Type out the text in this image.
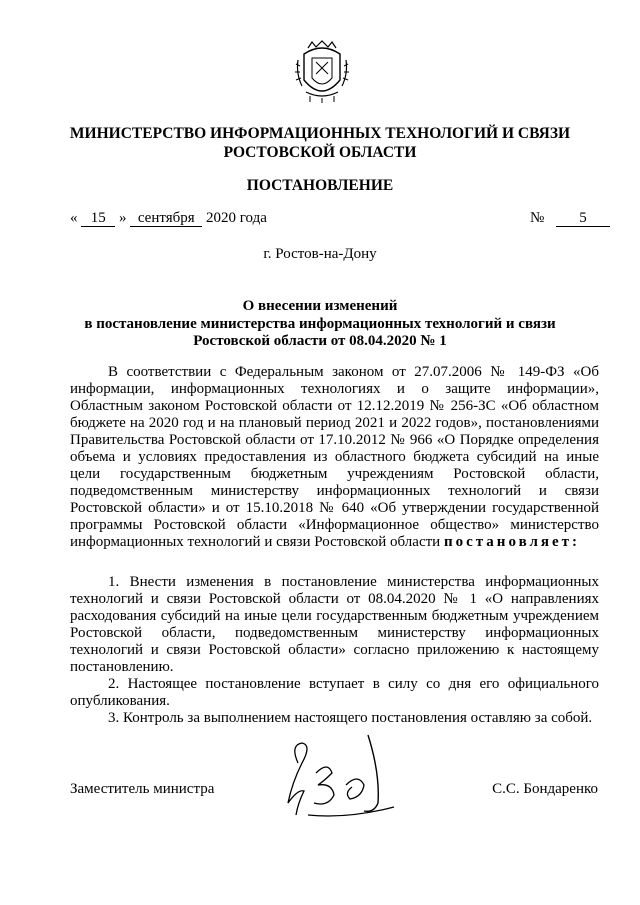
МИНИСТЕРСТВО ИНФОРМАЦИОННЫХ ТЕХНОЛОГИЙ И СВЯЗИ
РОСТОВСКОЙ ОБЛАСТИ
ПОСТАНОВЛЕНИЕ
« 15 » сентября 2020 года	№ 5
г. Ростов-на-Дону
О внесении изменений
в постановление министерства информационных технологий и связи
Ростовской области от 08.04.2020 № 1

В соответствии с Федеральным законом от 27.07.2006 № 149-ФЗ «Об информации, информационных технологиях и о защите информации», Областным законом Ростовской области от 12.12.2019 № 256-ЗС «Об областном бюджете на 2020 год и на плановый период 2021 и 2022 годов», постановлениями Правительства Ростовской области от 17.10.2012 № 966 «О Порядке определения объема и условиях предоставления из областного бюджета субсидий на иные цели государственным бюджетным учреждениям Ростовской области, подведомственным министерству информационных технологий и связи Ростовской области» и от 15.10.2018 № 640 «Об утверждении государственной программы Ростовской области «Информационное общество» министерство информационных технологий и связи Ростовской области постановляет:

1. Внести изменения в постановление министерства информационных технологий и связи Ростовской области от 08.04.2020 № 1 «О направлениях расходования субсидий на иные цели государственным бюджетным учреждением Ростовской области, подведомственным министерству информационных технологий и связи Ростовской области» согласно приложению к настоящему постановлению.

2. Настоящее постановление вступает в силу со дня его официального опубликования.

3. Контроль за выполнением настоящего постановления оставляю за собой.

Заместитель министра	С.С. Бондаренко
